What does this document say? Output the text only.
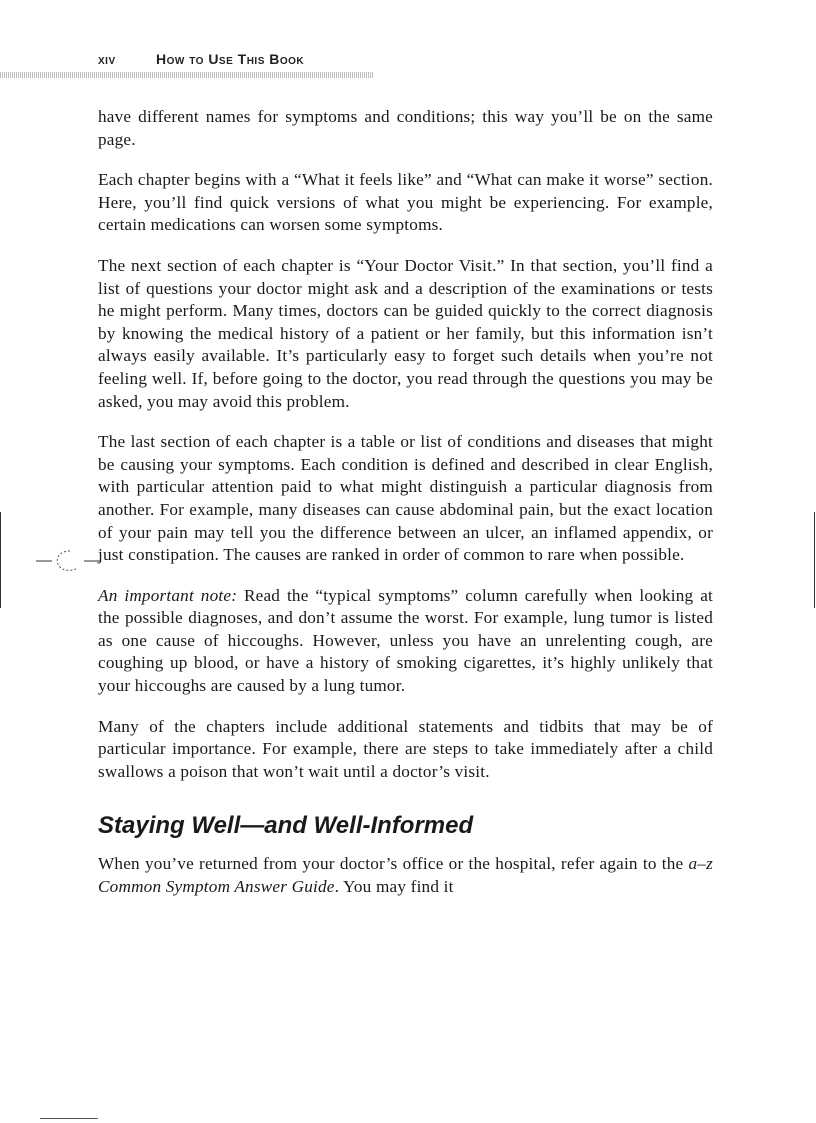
xiv	How to Use This Book

have different names for symptoms and conditions; this way you’ll be on the same page.

Each chapter begins with a “What it feels like” and “What can make it worse” section. Here, you’ll find quick versions of what you might be experiencing. For example, certain medications can worsen some symptoms.

The next section of each chapter is “Your Doctor Visit.” In that section, you’ll find a list of questions your doctor might ask and a description of the examinations or tests he might perform. Many times, doctors can be guided quickly to the correct diagnosis by knowing the medical history of a patient or her family, but this information isn’t always easily available. It’s particularly easy to forget such details when you’re not feeling well. If, before going to the doctor, you read through the questions you may be asked, you may avoid this problem.

The last section of each chapter is a table or list of conditions and diseases that might be causing your symptoms. Each condition is defined and described in clear English, with particular attention paid to what might distinguish a particular diagnosis from another. For example, many diseases can cause abdominal pain, but the exact location of your pain may tell you the difference between an ulcer, an inflamed appendix, or just constipation. The causes are ranked in order of common to rare when possible.

An important note: Read the “typical symptoms” column carefully when looking at the possible diagnoses, and don’t assume the worst. For example, lung tumor is listed as one cause of hiccoughs. However, unless you have an unrelenting cough, are coughing up blood, or have a history of smoking cigarettes, it’s highly unlikely that your hiccoughs are caused by a lung tumor.

Many of the chapters include additional statements and tidbits that may be of particular importance. For example, there are steps to take immediately after a child swallows a poison that won’t wait until a doctor’s visit.

Staying Well—and Well-Informed

When you’ve returned from your doctor’s office or the hospital, refer again to the a–z Common Symptom Answer Guide. You may find it
